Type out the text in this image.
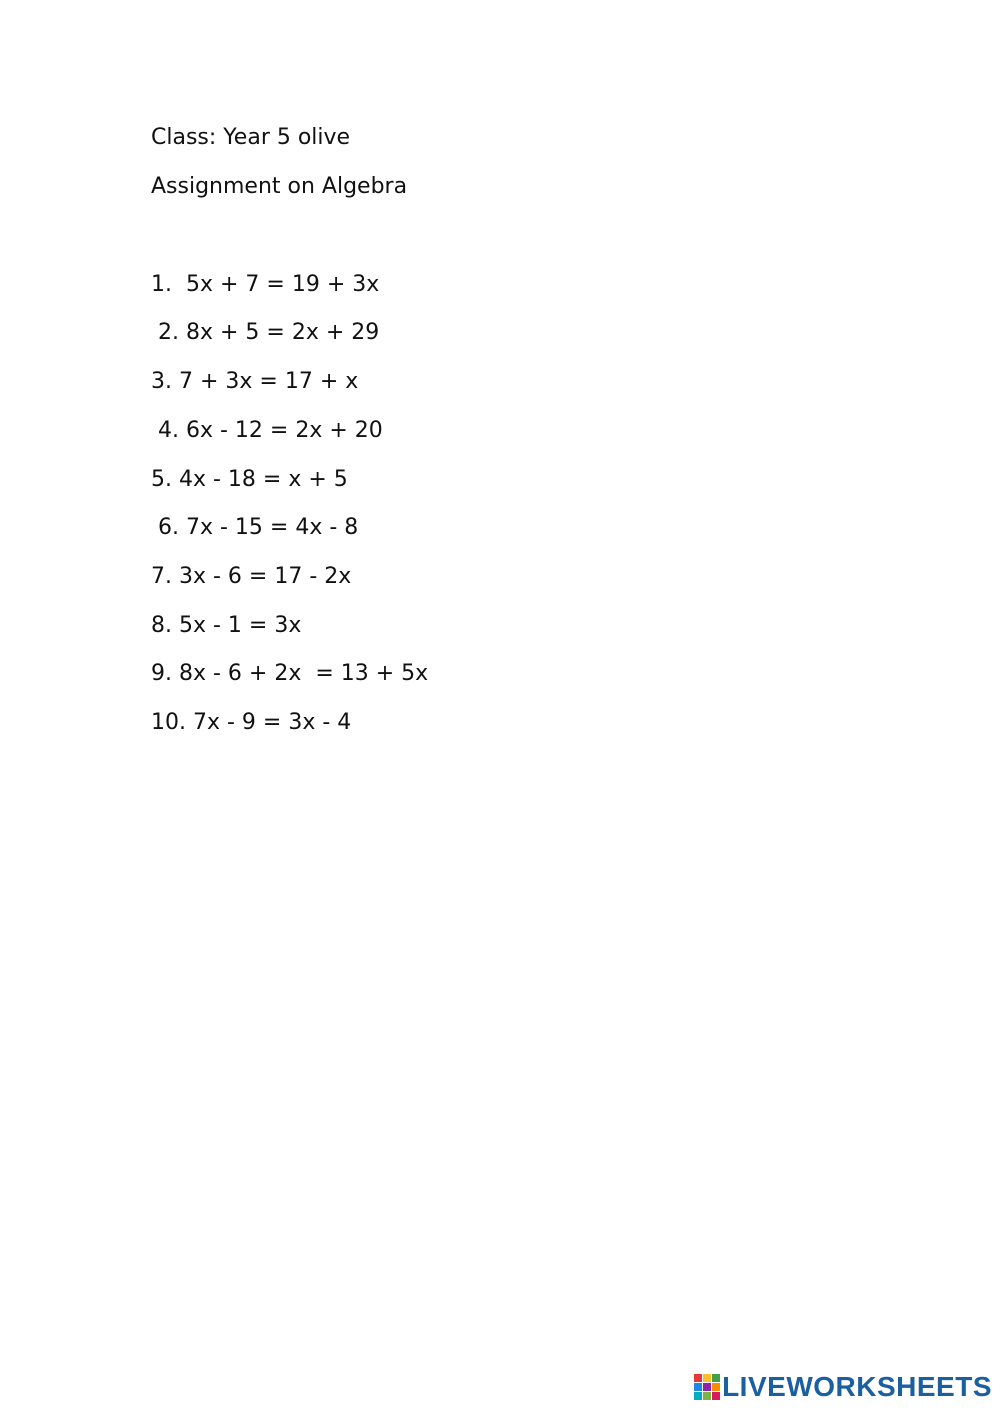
Class: Year 5 olive
Assignment on Algebra
1.  5x + 7 = 19 + 3x
2. 8x + 5 = 2x + 29
3. 7 + 3x = 17 + x
4. 6x - 12 = 2x + 20
5. 4x - 18 = x + 5
6. 7x - 15 = 4x - 8
7. 3x - 6 = 17 - 2x
8. 5x - 1 = 3x
9. 8x - 6 + 2x  = 13 + 5x
10. 7x - 9 = 3x - 4
LIVEWORKSHEETS
